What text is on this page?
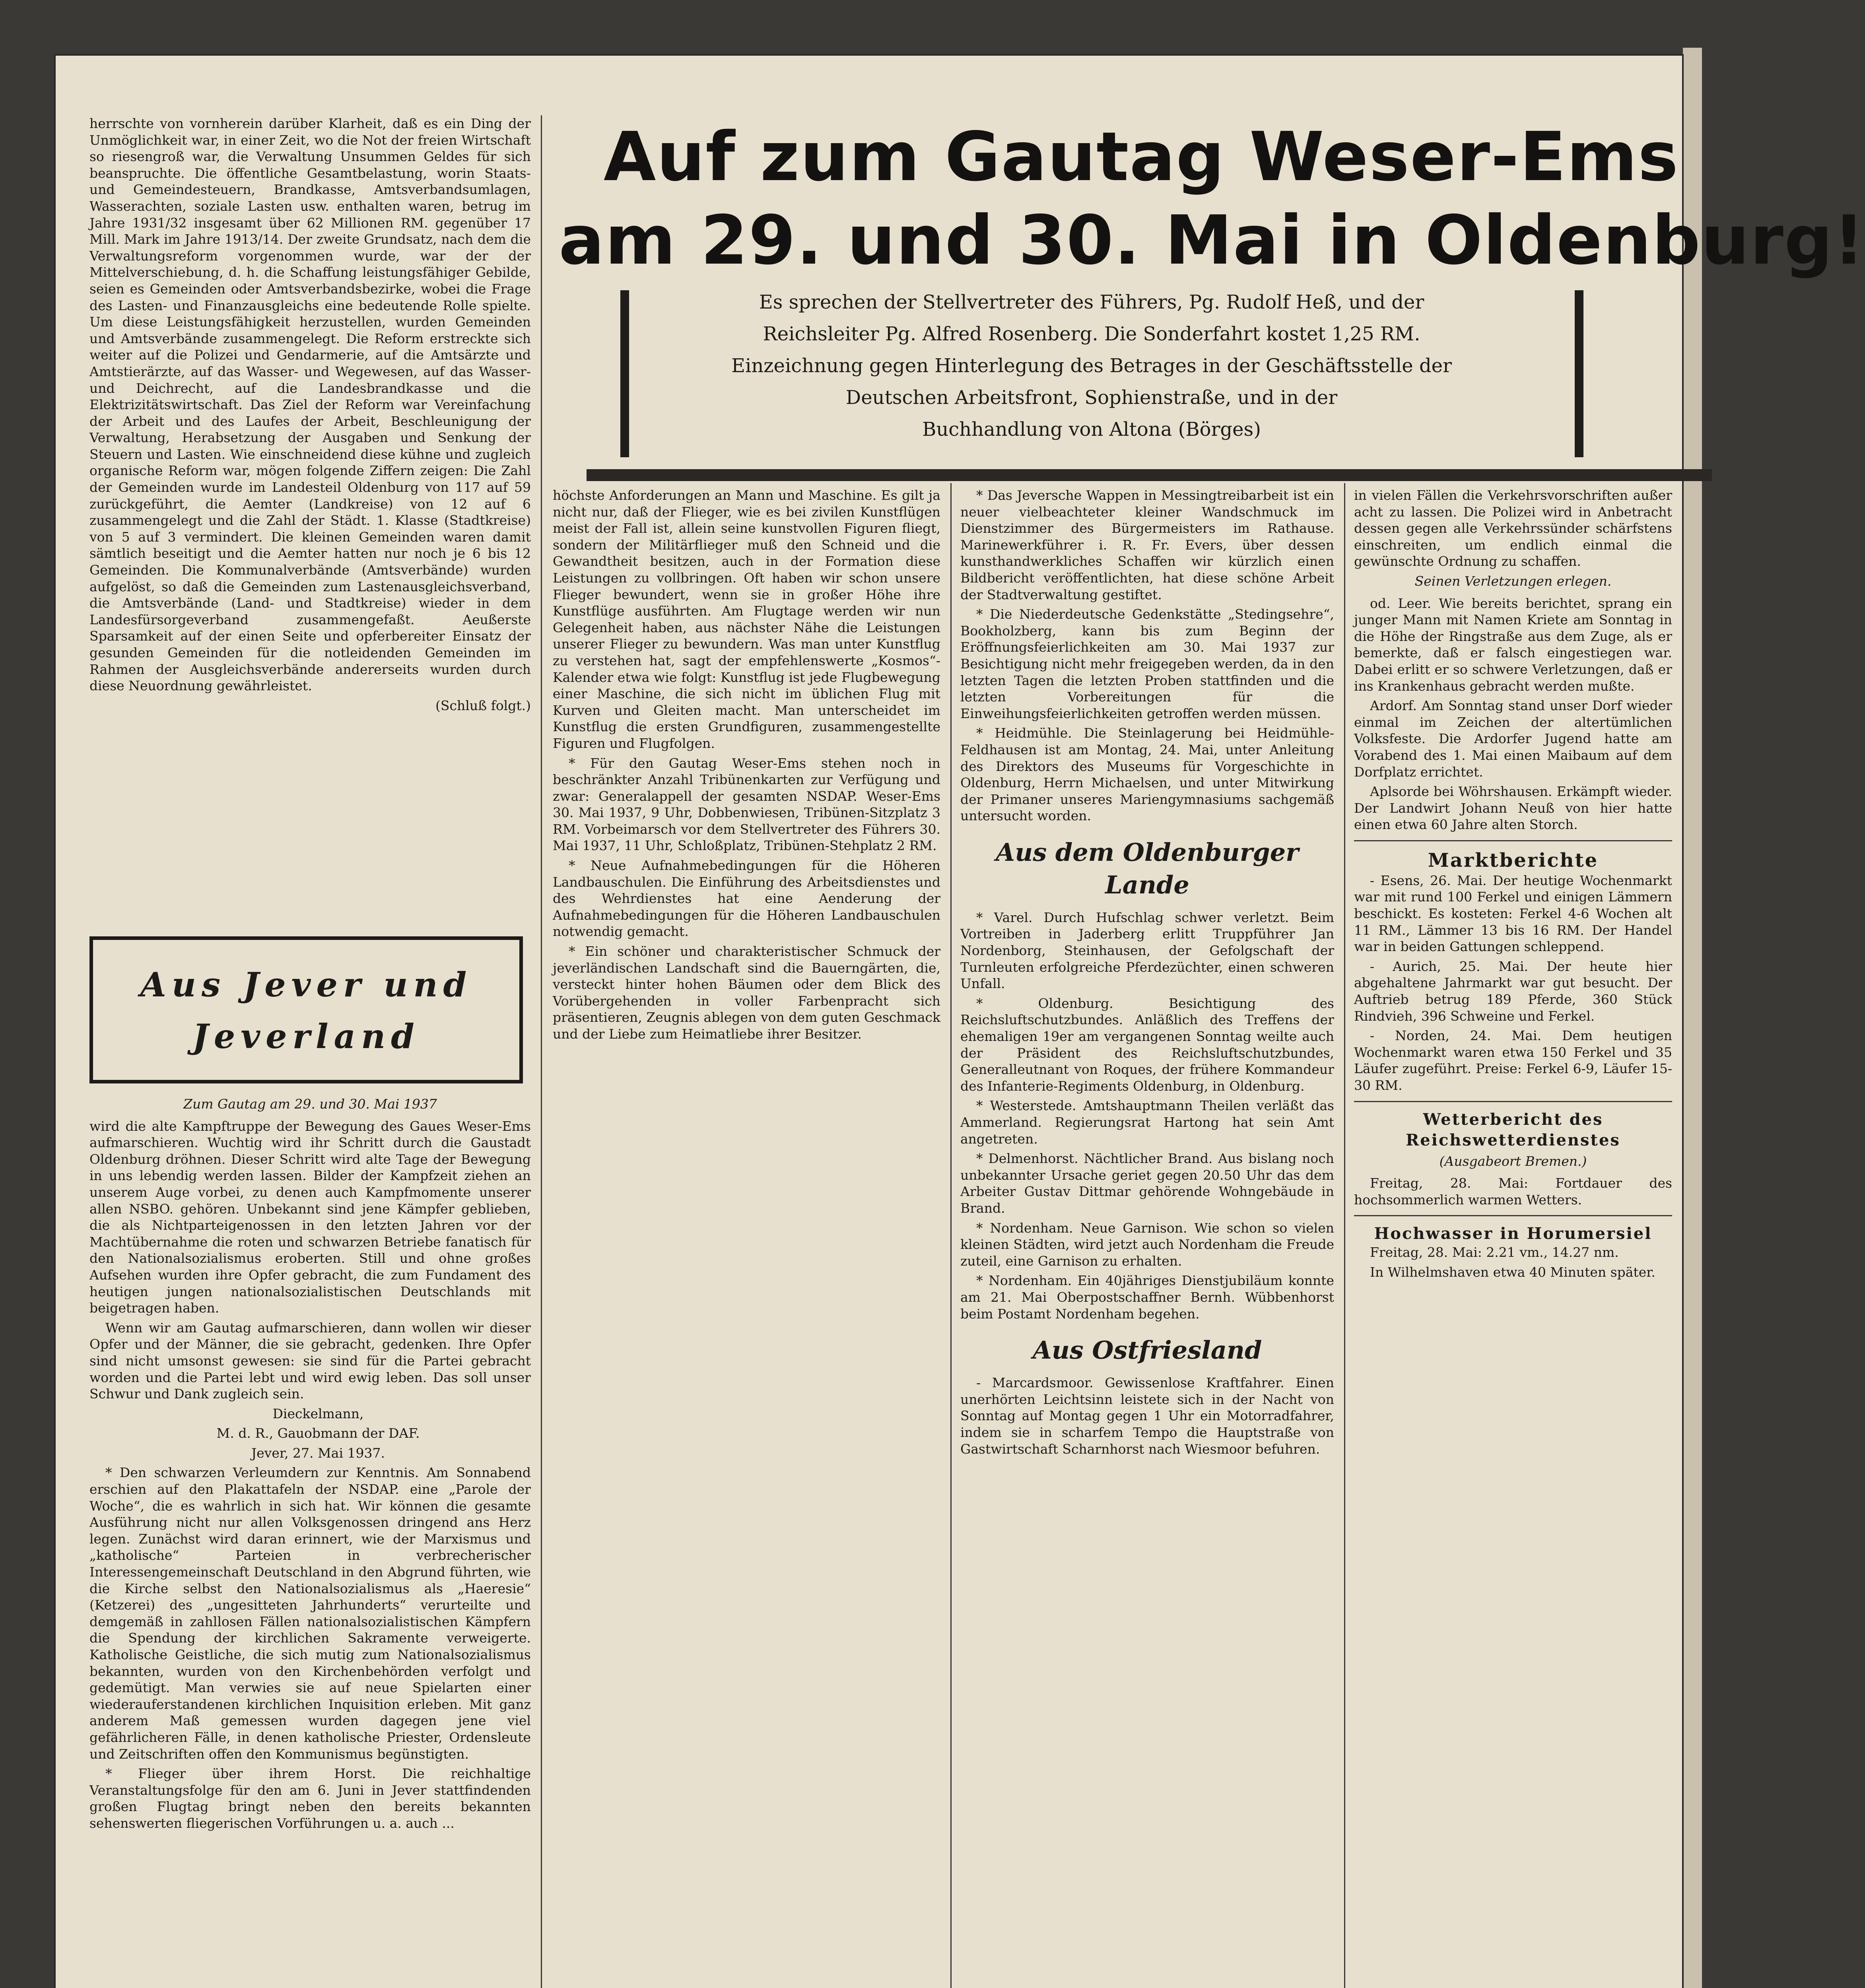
Auf zum Gautag Weser-Ems
am 29. und 30. Mai in Oldenburg!
Es sprechen der Stellvertreter des Führers, Pg. Rudolf Heß, und der
Reichsleiter Pg. Alfred Rosenberg. Die Sonderfahrt kostet 1,25 RM.
Einzeichnung gegen Hinterlegung des Betrages in der Geschäftsstelle der
Deutschen Arbeitsfront, Sophienstraße, und in der
Buchhandlung von Altona (Börges)

herrschte von vornherein darüber Klarheit, daß es ein Ding der Unmöglichkeit war, in einer Zeit, wo die Not der freien Wirtschaft so riesengroß war, die Verwaltung Unsummen Geldes für sich beanspruchte. Die öffentliche Gesamtbelastung, worin Staats- und Gemeindesteuern, Brandkasse, Amtsverbandsumlagen, Wasserachten, soziale Lasten usw. enthalten waren, betrug im Jahre 1931/32 insgesamt über 62 Millionen RM. gegenüber 17 Mill. Mark im Jahre 1913/14. Der zweite Grundsatz, nach dem die Verwaltungsreform vorgenommen wurde, war der der Mittelverschiebung, d. h. die Schaffung leistungsfähiger Gebilde, seien es Gemeinden oder Amtsverbandsbezirke, wobei die Frage des Lasten- und Finanzausgleichs eine bedeutende Rolle spielte. Um diese Leistungsfähigkeit herzustellen, wurden Gemeinden und Amtsverbände zusammengelegt. Die Reform erstreckte sich weiter auf die Polizei und Gendarmerie, auf die Amtsärzte und Amtstierärzte, auf das Wasser- und Wegewesen, auf das Wasser- und Deichrecht, auf die Landesbrandkasse und die Elektrizitätswirtschaft. Das Ziel der Reform war Vereinfachung der Arbeit und des Laufes der Arbeit, Beschleunigung der Verwaltung, Herabsetzung der Ausgaben und Senkung der Steuern und Lasten. Wie einschneidend diese kühne und zugleich organische Reform war, mögen folgende Ziffern zeigen: Die Zahl der Gemeinden wurde im Landesteil Oldenburg von 117 auf 59 zurückgeführt, die Aemter (Landkreise) von 12 auf 6 zusammengelegt und die Zahl der Städt. 1. Klasse (Stadtkreise) von 5 auf 3 vermindert. Die kleinen Gemeinden waren damit sämtlich beseitigt und die Aemter hatten nur noch je 6 bis 12 Gemeinden. Die Kommunalverbände (Amtsverbände) wurden aufgelöst, so daß die Gemeinden zum Lastenausgleichsverband, die Amtsverbände (Land- und Stadtkreise) wieder in dem Landesfürsorgeverband zusammengefaßt. Aeußerste Sparsamkeit auf der einen Seite und opferbereiter Einsatz der gesunden Gemeinden für die notleidenden Gemeinden im Rahmen der Ausgleichsverbände andererseits wurden durch diese Neuordnung gewährleistet.

(Schluß folgt.)

Aus Jever und Jeverland
Zum Gautag am 29. und 30. Mai 1937

wird die alte Kampftruppe der Bewegung des Gaues Weser-Ems aufmarschieren. Wuchtig wird ihr Schritt durch die Gaustadt Oldenburg dröhnen. Dieser Schritt wird alte Tage der Bewegung in uns lebendig werden lassen. Bilder der Kampfzeit ziehen an unserem Auge vorbei, zu denen auch Kampfmomente unserer allen NSBO. gehören. Unbekannt sind jene Kämpfer geblieben, die als Nichtparteigenossen in den letzten Jahren vor der Machtübernahme die roten und schwarzen Betriebe fanatisch für den Nationalsozialismus eroberten. Still und ohne großes Aufsehen wurden ihre Opfer gebracht, die zum Fundament des heutigen jungen nationalsozialistischen Deutschlands mit beigetragen haben.

Wenn wir am Gautag aufmarschieren, dann wollen wir dieser Opfer und der Männer, die sie gebracht, gedenken. Ihre Opfer sind nicht umsonst gewesen: sie sind für die Partei gebracht worden und die Partei lebt und wird ewig leben. Das soll unser Schwur und Dank zugleich sein.

Dieckelmann,

M. d. R., Gauobmann der DAF.

Jever, 27. Mai 1937.

* Den schwarzen Verleumdern zur Kenntnis. Am Sonnabend erschien auf den Plakattafeln der NSDAP. eine „Parole der Woche“, die es wahrlich in sich hat. Wir können die gesamte Ausführung nicht nur allen Volksgenossen dringend ans Herz legen. Zunächst wird daran erinnert, wie der Marxismus und „katholische“ Parteien in verbrecherischer Interessengemeinschaft Deutschland in den Abgrund führten, wie die Kirche selbst den Nationalsozialismus als „Haeresie“ (Ketzerei) des „ungesitteten Jahrhunderts“ verurteilte und demgemäß in zahllosen Fällen nationalsozialistischen Kämpfern die Spendung der kirchlichen Sakramente verweigerte. Katholische Geistliche, die sich mutig zum Nationalsozialismus bekannten, wurden von den Kirchenbehörden verfolgt und gedemütigt. Man verwies sie auf neue Spielarten einer wiederauferstandenen kirchlichen Inquisition erleben. Mit ganz anderem Maß gemessen wurden dagegen jene viel gefährlicheren Fälle, in denen katholische Priester, Ordensleute und Zeitschriften offen den Kommunismus begünstigten.

* Flieger über ihrem Horst. Die reichhaltige Veranstaltungsfolge für den am 6. Juni in Jever stattfindenden großen Flugtag bringt neben den bereits bekannten sehenswerten fliegerischen Vorführungen u. a. auch ...

höchste Anforderungen an Mann und Maschine. Es gilt ja nicht nur, daß der Flieger, wie es bei zivilen Kunstflügen meist der Fall ist, allein seine kunstvollen Figuren fliegt, sondern der Militärflieger muß den Schneid und die Gewandtheit besitzen, auch in der Formation diese Leistungen zu vollbringen. Oft haben wir schon unsere Flieger bewundert, wenn sie in großer Höhe ihre Kunstflüge ausführten. Am Flugtage werden wir nun Gelegenheit haben, aus nächster Nähe die Leistungen unserer Flieger zu bewundern. Was man unter Kunstflug zu verstehen hat, sagt der empfehlenswerte „Kosmos“-Kalender etwa wie folgt: Kunstflug ist jede Flugbewegung einer Maschine, die sich nicht im üblichen Flug mit Kurven und Gleiten macht. Man unterscheidet im Kunstflug die ersten Grundfiguren, zusammengestellte Figuren und Flugfolgen.

* Für den Gautag Weser-Ems stehen noch in beschränkter Anzahl Tribünenkarten zur Verfügung und zwar: Generalappell der gesamten NSDAP. Weser-Ems 30. Mai 1937, 9 Uhr, Dobbenwiesen, Tribünen-Sitzplatz 3 RM. Vorbeimarsch vor dem Stellvertreter des Führers 30. Mai 1937, 11 Uhr, Schloßplatz, Tribünen-Stehplatz 2 RM.

* Neue Aufnahmebedingungen für die Höheren Landbauschulen. Die Einführung des Arbeitsdienstes und des Wehrdienstes hat eine Aenderung der Aufnahmebedingungen für die Höheren Landbauschulen notwendig gemacht.

* Ein schöner und charakteristischer Schmuck der jeverländischen Landschaft sind die Bauerngärten, die, versteckt hinter hohen Bäumen oder dem Blick des Vorübergehenden in voller Farbenpracht sich präsentieren, Zeugnis ablegen von dem guten Geschmack und der Liebe zum Heimatliebe ihrer Besitzer.

* Das Jeversche Wappen in Messingtreibarbeit ist ein neuer vielbeachteter kleiner Wandschmuck im Dienstzimmer des Bürgermeisters im Rathause. Marinewerkführer i. R. Fr. Evers, über dessen kunsthandwerkliches Schaffen wir kürzlich einen Bildbericht veröffentlichten, hat diese schöne Arbeit der Stadtverwaltung gestiftet.

* Die Niederdeutsche Gedenkstätte „Stedingsehre“, Bookholzberg, kann bis zum Beginn der Eröffnungsfeierlichkeiten am 30. Mai 1937 zur Besichtigung nicht mehr freigegeben werden, da in den letzten Tagen die letzten Proben stattfinden und die letzten Vorbereitungen für die Einweihungsfeierlichkeiten getroffen werden müssen.

* Heidmühle. Die Steinlagerung bei Heidmühle-Feldhausen ist am Montag, 24. Mai, unter Anleitung des Direktors des Museums für Vorgeschichte in Oldenburg, Herrn Michaelsen, und unter Mitwirkung der Primaner unseres Mariengymnasiums sachgemäß untersucht worden.

Aus dem Oldenburger Lande

* Varel. Durch Hufschlag schwer verletzt. Beim Vortreiben in Jaderberg erlitt Truppführer Jan Nordenborg, Steinhausen, der Gefolgschaft der Turnleuten erfolgreiche Pferdezüchter, einen schweren Unfall.

* Oldenburg. Besichtigung des Reichsluftschutzbundes. Anläßlich des Treffens der ehemaligen 19er am vergangenen Sonntag weilte auch der Präsident des Reichsluftschutzbundes, Generalleutnant von Roques, der frühere Kommandeur des Infanterie-Regiments Oldenburg, in Oldenburg.

* Westerstede. Amtshauptmann Theilen verläßt das Ammerland. Regierungsrat Hartong hat sein Amt angetreten.

* Delmenhorst. Nächtlicher Brand. Aus bislang noch unbekannter Ursache geriet gegen 20.50 Uhr das dem Arbeiter Gustav Dittmar gehörende Wohngebäude in Brand.

* Nordenham. Neue Garnison. Wie schon so vielen kleinen Städten, wird jetzt auch Nordenham die Freude zuteil, eine Garnison zu erhalten.

* Nordenham. Ein 40jähriges Dienstjubiläum konnte am 21. Mai Oberpostschaffner Bernh. Wübbenhorst beim Postamt Nordenham begehen.

Aus Ostfriesland

- Marcardsmoor. Gewissenlose Kraftfahrer. Einen unerhörten Leichtsinn leistete sich in der Nacht von Sonntag auf Montag gegen 1 Uhr ein Motorradfahrer, indem sie in scharfem Tempo die Hauptstraße von Gastwirtschaft Scharnhorst nach Wiesmoor befuhren.

in vielen Fällen die Verkehrsvorschriften außer acht zu lassen. Die Polizei wird in Anbetracht dessen gegen alle Verkehrssünder schärfstens einschreiten, um endlich einmal die gewünschte Ordnung zu schaffen.

Seinen Verletzungen erlegen.

od. Leer. Wie bereits berichtet, sprang ein junger Mann mit Namen Kriete am Sonntag in die Höhe der Ringstraße aus dem Zuge, als er bemerkte, daß er falsch eingestiegen war. Dabei erlitt er so schwere Verletzungen, daß er ins Krankenhaus gebracht werden mußte.

Ardorf. Am Sonntag stand unser Dorf wieder einmal im Zeichen der altertümlichen Volksfeste. Die Ardorfer Jugend hatte am Vorabend des 1. Mai einen Maibaum auf dem Dorfplatz errichtet.

Aplsorde bei Wöhrshausen. Erkämpft wieder. Der Landwirt Johann Neuß von hier hatte einen etwa 60 Jahre alten Storch.

Marktberichte

- Esens, 26. Mai. Der heutige Wochenmarkt war mit rund 100 Ferkel und einigen Lämmern beschickt. Es kosteten: Ferkel 4-6 Wochen alt 11 RM., Lämmer 13 bis 16 RM. Der Handel war in beiden Gattungen schleppend.

- Aurich, 25. Mai. Der heute hier abgehaltene Jahrmarkt war gut besucht. Der Auftrieb betrug 189 Pferde, 360 Stück Rindvieh, 396 Schweine und Ferkel.

- Norden, 24. Mai. Dem heutigen Wochenmarkt waren etwa 150 Ferkel und 35 Läufer zugeführt. Preise: Ferkel 6-9, Läufer 15-30 RM.

Wetterbericht des Reichswetterdienstes
(Ausgabeort Bremen.)

Freitag, 28. Mai: Fortdauer des hochsommerlich warmen Wetters.

Hochwasser in Horumersiel

Freitag, 28. Mai: 2.21 vm., 14.27 nm.

In Wilhelmshaven etwa 40 Minuten später.
